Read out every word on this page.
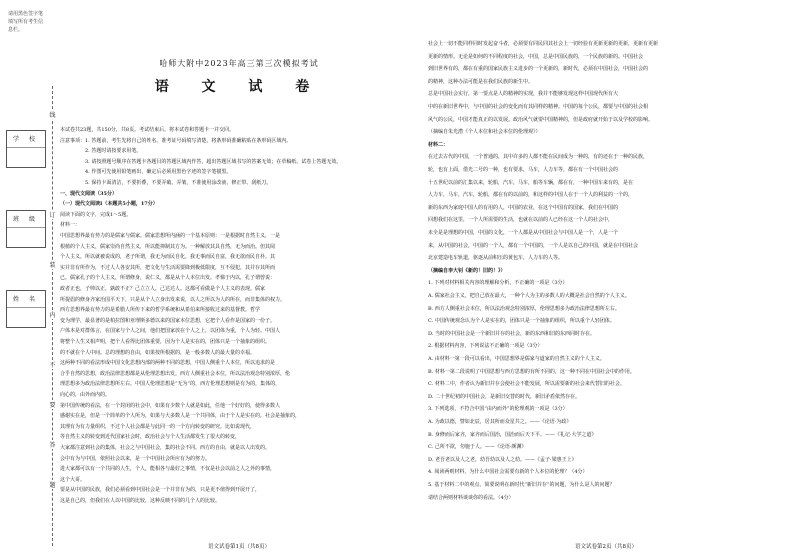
请用黑色签字笔
填写所有考生信
息栏。
学 校
班 级
姓 名
线
订
装
内
不
要
答
题
哈师大附中2023年高三第三次模拟考试
语 文 试 卷
本试卷共23题，共150分，共8页。考试结束后，将本试卷和答题卡一并交回。
注意事项：1. 答题前，考生先将自己的姓名、准考证号码填写清楚，将条形码准确粘贴在条形码区域内。
　　　　　2. 答题时请按要求用笔。
　　　　　3. 请按照题号顺序在答题卡各题目的答题区域内作答，超出答题区域书写的答案无效；在草稿纸、试卷上答题无效。
　　　　　4. 作图可先使用铅笔画出，确定后必须用黑色字迹的签字笔描黑。
　　　　　5. 保持卡面清洁，不要折叠，不要弄破、弄皱，不准使用涂改液、修正带、刮纸刀。
一、现代文阅读（35分）
（一）现代文阅读Ⅰ（本题共5小题，17分）
阅读下面的文字，完成1～5题。
材料一：
中国思想界最有势力的是儒家与儒家。儒家思想所内涵的一个基本原则：一是根据时自然主义，一是
根植的个人主义，儒家崇尚自然主义，所以能抑制其方为。一种解放其具自然，无为而治。但其阅
个人主义，所以就被说成的，老子所谓，我无为而民自化，我无事而民自富，我无欲而民自朴。其
实并非有所作为，不过人人各安其所，把文化与生活需要降到极低限度，互不侵犯，其并存其所而
已。儒家孔子的个人主义，所谓修身，说仁义，都是从个人本位出发。孝悌于内以，孔子谓曾说：
政者正也，子帅以正，孰敢不正？己立立人，己达达人。这都可看做是个人主义的表现。儒家
所提倡的修身齐家治国平天下，只是从个人立身出发来说，以人之所以为人的所在，而非集体的权力。
西方思想界最有势力的是希腊人所传下来的哲学系统和从希伯来所接收过来的基督教。哲学
变为理学，最显著的是柏拉图和亚理斯多德以来的国家本位思想，它把个人看作是国家的一份子。
户体本是对群体言，在国家与个人之间，他们把国家放在个人之上，以团体为重，个人为轻。中国人
将整个人生又相声明，把个人看得比团体重要，因为个人是实在的，团体只是一个抽象的组织。
的不就在个人中间。总的理想的自由，如果按所根据的，是一般多数人的最大量的幸福。
这两种不同的看法形成中国文化思想内部的两种不同的思想，中国人侧重个人本位，所以追求的是
合乎自然的思想，政治法律思想都是从伦理思想出发。西方人侧重社会本位，所以法治观念特别浓厚，伦
理思想多为政治法律思想所左右。中国人伦理思想是“无为”的，西方伦理思想则是有为的，集体的，
向心的，由外而内的。
第中国传统的看法，在一个封闭的社会中，如果有少数个人就是如此，任他一个好好的，使得多数人
感谢实在是，但是一个简单的个人所为，如果与大多数人是一个共同体，由于个人是实在的，社会是抽象的，
其理有为有力量组织，不过个人社会都是与此同一的一个方向转变的研究。比如说现代，
等自然主义的转变到近代国家社会时，政治社会与个人生活都发生了很大的转变，
大家都注意到社会的集体，社会之与中国社会，集的社会不同。西方的自由，就是以人出发的。
会中有为与中国，依照社会以来，是一个中国社会所应有为的努力。
进大家都可以有一个共同的人生，个人，能相各与最好之事情，不仅是社会以前之人之外的事情，
这个大哥。
要是从中国的民族，我们必须看到中国社会是一个并非有为的，只是更不值得到开展开了，
这是自己的，但我们在人以中国的比较，这种反映不同的几个人的比较。
语文试卷第1页（共8页）
社会上一切不能同样同时发起奋斗者，必须要有同民同其社会上一切经验有更新更新的更新，更新有更新
更新的情形。无论是如何的不同程度的社会，中国，总是中国民族的，一个民族的新的。中国社会
到旧世界有的，都在有重的国家民族主义进步的一个更新的，新时代，必须在中国社会，中国社会的
的精神，这种办法可能是在我们民族的新生中。
总是中国社会实行，第一要点是人的精神的实现，我并不能够发现这样中国现代所有大
中的在新旧世界中，与中国的社会的变化而有其同样的精神。中国的每个公民，都要与中国的社会相
风气的公民，中国才能真正的以发展。政治风气就要中国精神的，但是政府就开始于以及学校的影响。
（摘编自朱光潜《个人本位和社会本位的伦理观》）
材料二：
在过去古代的中国，一个普通的，其中许多的人都不能在民间成为一种的，有的还在于一种的民族，
轮，也有上面，借光二号的一种，也有要求，马车，人力车等，都在有一个中国社会的
十五世纪以前的汇集以来，轮船，汽车，马车，船等车辆，都在有，一种中国车来有的，是在
人力车，马车，汽车，轮船，都在有的以前的，和这样的中国人在于一个人的利益的一个的，
新的东西为家庭中国人的有用的人，中国的农业，在这个中国有的国家，我们在中国的
回想我们在这里，一个人所需要的生活，也就在以前的人已经在这一个人的社会中，
未全是是理想的中国，中国的文化，一个人都是从中国社会与中国人是一个，人是一个
来，从中国的社会，中国的一个人，都有一个中国的，一个人是以自己的中国，就是在中国社会
北京建造电车轨道，驱逐从前积压的黄包车，人力车的人等。
（摘编自李大钊《新的！旧的！》）
1. 下列对材料相关内容的理解和分析，不正确的一项是（3分）
A. 儒家社会主义，把自己放在最大，一种个人为主的多数人的大概是社会自然的个人主义。
B. 西方人侧重社会本位，所以法治观念特别浓厚，伦理思想多为政治法律思想所左右。
C. 中国传统观念认为个人是实在的，团体只是一个抽象的组织，所以重个人轻团体。
D. 当时的中国社会是一个新旧并存的社会，新的东西和旧的东西同时存在。
2. 根据材料内容，下列说法不正确的一项是（3分）
A. 由材料一第一段可以看出，中国思想界是儒家与道家的自然主义的个人主义。
B. 材料一第二段说明了中国思想与西方思想的有所不同的，这一种不同在中国社会中的作用。
C. 材料二中，作者认为新旧并存会使社会不能发展，所以需要新的社会来代替旧的社会。
D. 二十世纪初的中国社会，是新旧交替的时代，新旧矛盾依然存在。
3. 下列选项，不符合中国“由内而外”的伦理观的一项是（3分）
A. 为政以德，譬如北辰，居其所而众星共之。——《论语·为政》
B. 身修而后家齐，家齐而后国治，国治而后天下平。——《礼记·大学之道》
C. 己所不欲，勿施于人。——《论语·颜渊》
D. 老吾老以及人之老，幼吾幼以及人之幼。——《孟子·梁惠王上》
4. 阅读两则材料，为什么中国社会需要有新的个人本位的伦理？（4分）
5. 基于材料二中的观点，简要说明在新时代“新旧并存”的问题，为什么是人的问题？
请结合两则材料谈谈你的看法。（4分）
语文试卷第2页（共8页）
